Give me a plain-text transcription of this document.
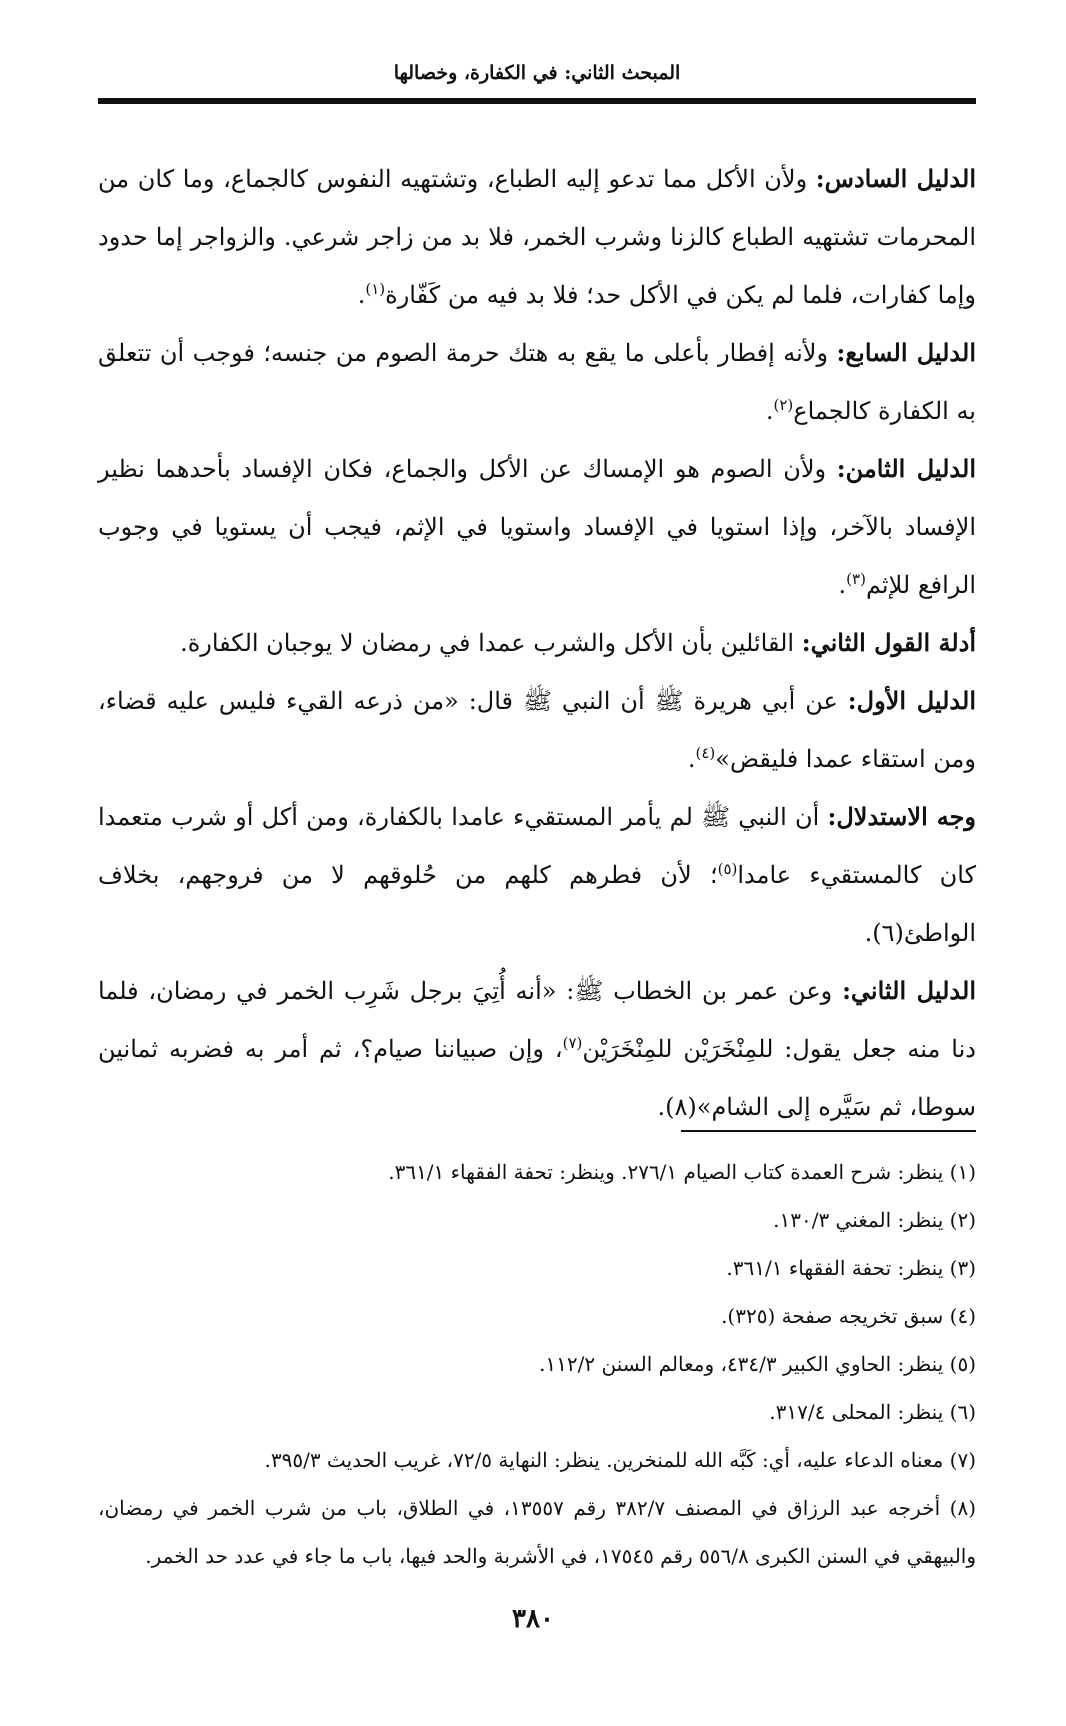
المبحث الثاني: في الكفارة، وخصالها

الدليل السادس: ولأن الأكل مما تدعو إليه الطباع، وتشتهيه النفوس كالجماع، وما كان من المحرمات تشتهيه الطباع كالزنا وشرب الخمر، فلا بد من زاجر شرعي. والزواجر إما حدود وإما كفارات، فلما لم يكن في الأكل حد؛ فلا بد فيه من كَفّارة$^{(١)}$.

الدليل السابع: ولأنه إفطار بأعلى ما يقع به هتك حرمة الصوم من جنسه؛ فوجب أن تتعلق به الكفارة كالجماع$^{(٢)}$.

الدليل الثامن: ولأن الصوم هو الإمساك عن الأكل والجماع، فكان الإفساد بأحدهما نظير الإفساد بالآخر، وإذا استويا في الإفساد واستويا في الإثم، فيجب أن يستويا في وجوب الرافع للإثم$^{(٣)}$.

أدلة القول الثاني: القائلين بأن الأكل والشرب عمدا في رمضان لا يوجبان الكفارة.

الدليل الأول: عن أبي هريرة ﷺ أن النبي ﷺ قال: «من ذرعه القيء فليس عليه قضاء، ومن استقاء عمدا فليقض»$^{(٤)}$.

وجه الاستدلال: أن النبي ﷺ لم يأمر المستقيء عامدا بالكفارة، ومن أكل أو شرب متعمدا كان كالمستقيء عامدا$^{(٥)}$؛ لأن فطرهم كلهم من حُلوقهم لا من فروجهم، بخلاف الواطئ(٦).

الدليل الثاني: وعن عمر بن الخطاب ﷺ: «أنه أُتِيَ برجل شَرِب الخمر في رمضان، فلما دنا منه جعل يقول: للمِنْخَرَيْن للمِنْخَرَيْن$^{(٧)}$، وإن صبياننا صيام؟، ثم أمر به فضربه ثمانين سوطا، ثم سَيَّره إلى الشام»(٨).

(١) ينظر: شرح العمدة كتاب الصيام ٢٧٦/١. وينظر: تحفة الفقهاء ٣٦١/١.

(٢) ينظر: المغني ١٣٠/٣.

(٣) ينظر: تحفة الفقهاء ٣٦١/١.

(٤) سبق تخريجه صفحة (٣٢٥).

(٥) ينظر: الحاوي الكبير ٤٣٤/٣، ومعالم السنن ١١٢/٢.

(٦) ينظر: المحلى ٣١٧/٤.

(٧) معناه الدعاء عليه، أي: كَبَّه الله للمنخرين. ينظر: النهاية ٧٢/٥، غريب الحديث ٣٩٥/٣.

(٨) أخرجه عبد الرزاق في المصنف ٣٨٢/٧ رقم ١٣٥٥٧، في الطلاق، باب من شرب الخمر في رمضان، والبيهقي في السنن الكبرى ٥٥٦/٨ رقم ١٧٥٤٥، في الأشربة والحد فيها، باب ما جاء في عدد حد الخمر.

٣٨٠
